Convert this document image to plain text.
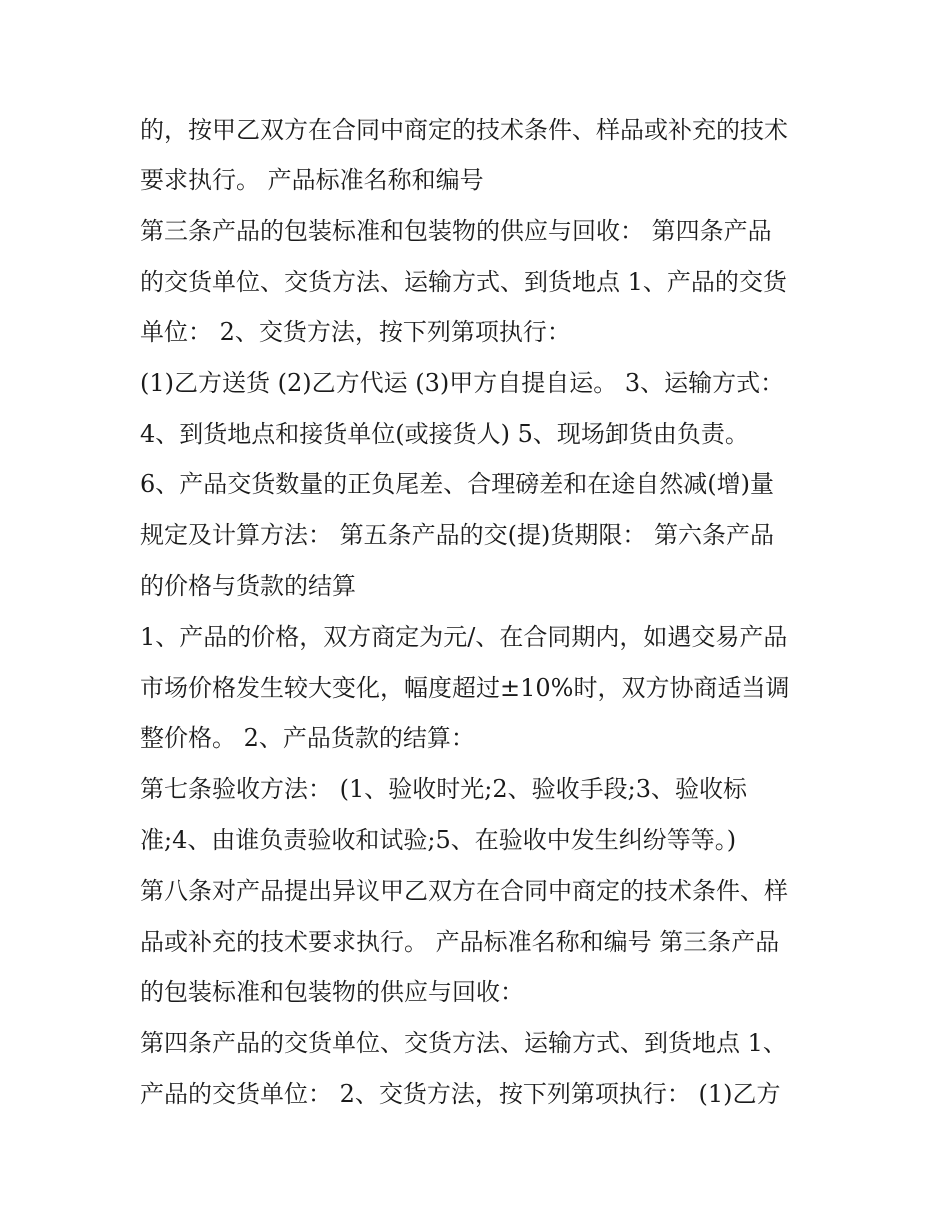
的，按甲乙双方在合同中商定的技术条件、样品或补充的技术
要求执行。 产品标准名称和编号
第三条产品的包装标准和包装物的供应与回收： 第四条产品
的交货单位、交货方法、运输方式、到货地点 1、产品的交货
单位： 2、交货方法，按下列第项执行：
(1)乙方送货 (2)乙方代运 (3)甲方自提自运。 3、运输方式：
4、到货地点和接货单位(或接货人) 5、现场卸货由负责。
6、产品交货数量的正负尾差、合理磅差和在途自然减(增)量
规定及计算方法： 第五条产品的交(提)货期限： 第六条产品
的价格与货款的结算
1、产品的价格，双方商定为元/、在合同期内，如遇交易产品
市场价格发生较大变化，幅度超过±10%时，双方协商适当调
整价格。 2、产品货款的结算：
第七条验收方法： (1、验收时光;2、验收手段;3、验收标
准;4、由谁负责验收和试验;5、在验收中发生纠纷等等。)
第八条对产品提出异议甲乙双方在合同中商定的技术条件、样
品或补充的技术要求执行。 产品标准名称和编号 第三条产品
的包装标准和包装物的供应与回收：
第四条产品的交货单位、交货方法、运输方式、到货地点 1、
产品的交货单位： 2、交货方法，按下列第项执行： (1)乙方
